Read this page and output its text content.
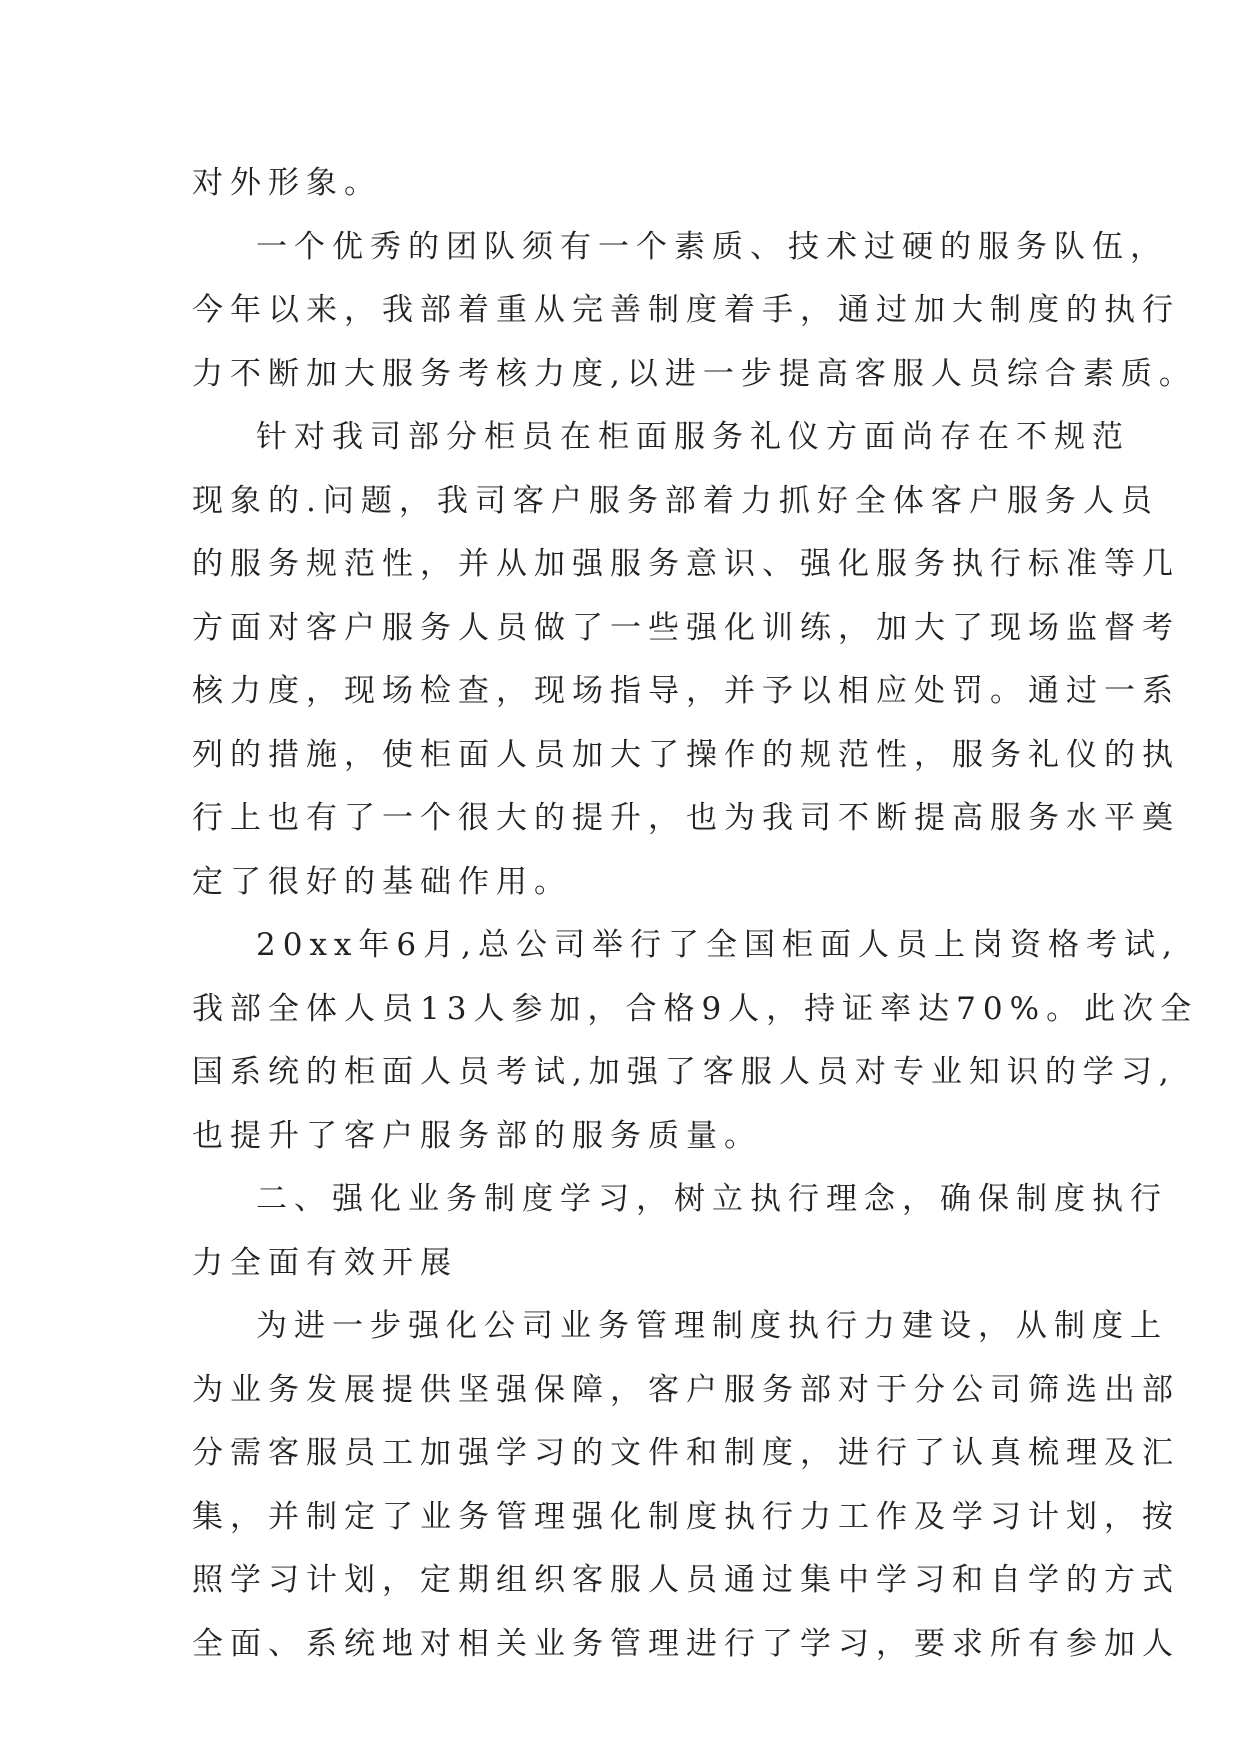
对外形象。
一个优秀的团队须有一个素质、技术过硬的服务队伍，
今年以来，我部着重从完善制度着手，通过加大制度的执行
力不断加大服务考核力度,以进一步提高客服人员综合素质。
针对我司部分柜员在柜面服务礼仪方面尚存在不规范
现象的.问题，我司客户服务部着力抓好全体客户服务人员
的服务规范性，并从加强服务意识、强化服务执行标准等几
方面对客户服务人员做了一些强化训练，加大了现场监督考
核力度，现场检查，现场指导，并予以相应处罚。通过一系
列的措施，使柜面人员加大了操作的规范性，服务礼仪的执
行上也有了一个很大的提升，也为我司不断提高服务水平奠
定了很好的基础作用。
20xx年6月,总公司举行了全国柜面人员上岗资格考试,
我部全体人员13人参加，合格9人，持证率达70%。此次全
国系统的柜面人员考试,加强了客服人员对专业知识的学习,
也提升了客户服务部的服务质量。
二、强化业务制度学习，树立执行理念，确保制度执行
力全面有效开展
为进一步强化公司业务管理制度执行力建设，从制度上
为业务发展提供坚强保障，客户服务部对于分公司筛选出部
分需客服员工加强学习的文件和制度，进行了认真梳理及汇
集，并制定了业务管理强化制度执行力工作及学习计划，按
照学习计划，定期组织客服人员通过集中学习和自学的方式
全面、系统地对相关业务管理进行了学习，要求所有参加人
